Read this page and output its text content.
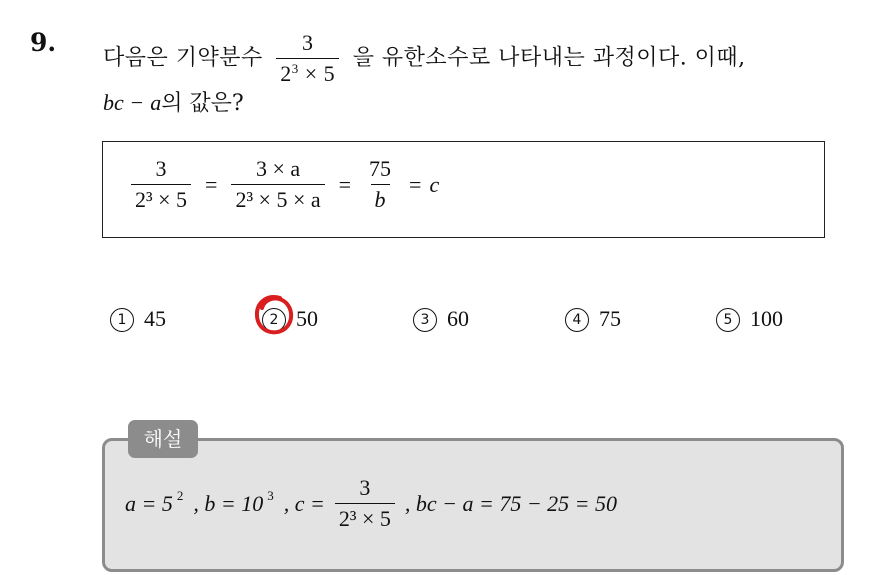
9.
다음은 기약분수 $\frac{3}{2^3 \times 5}$ 을 유한소수로 나타내는 과정이다. 이때,
bc − a의 값은?
$\frac{3}{\text{2³ × 5}} = \frac{3 \times a}{\text{2³ × 5 × a}} = \frac{75}{b} = c$
1 45	2 50	3 60	4 75	5 100
a = 5 2 , b = 10 3 , $c = \frac{3}{\text{2³ × 5}}$ , bc − a = 75 − 25 = 50
해설
